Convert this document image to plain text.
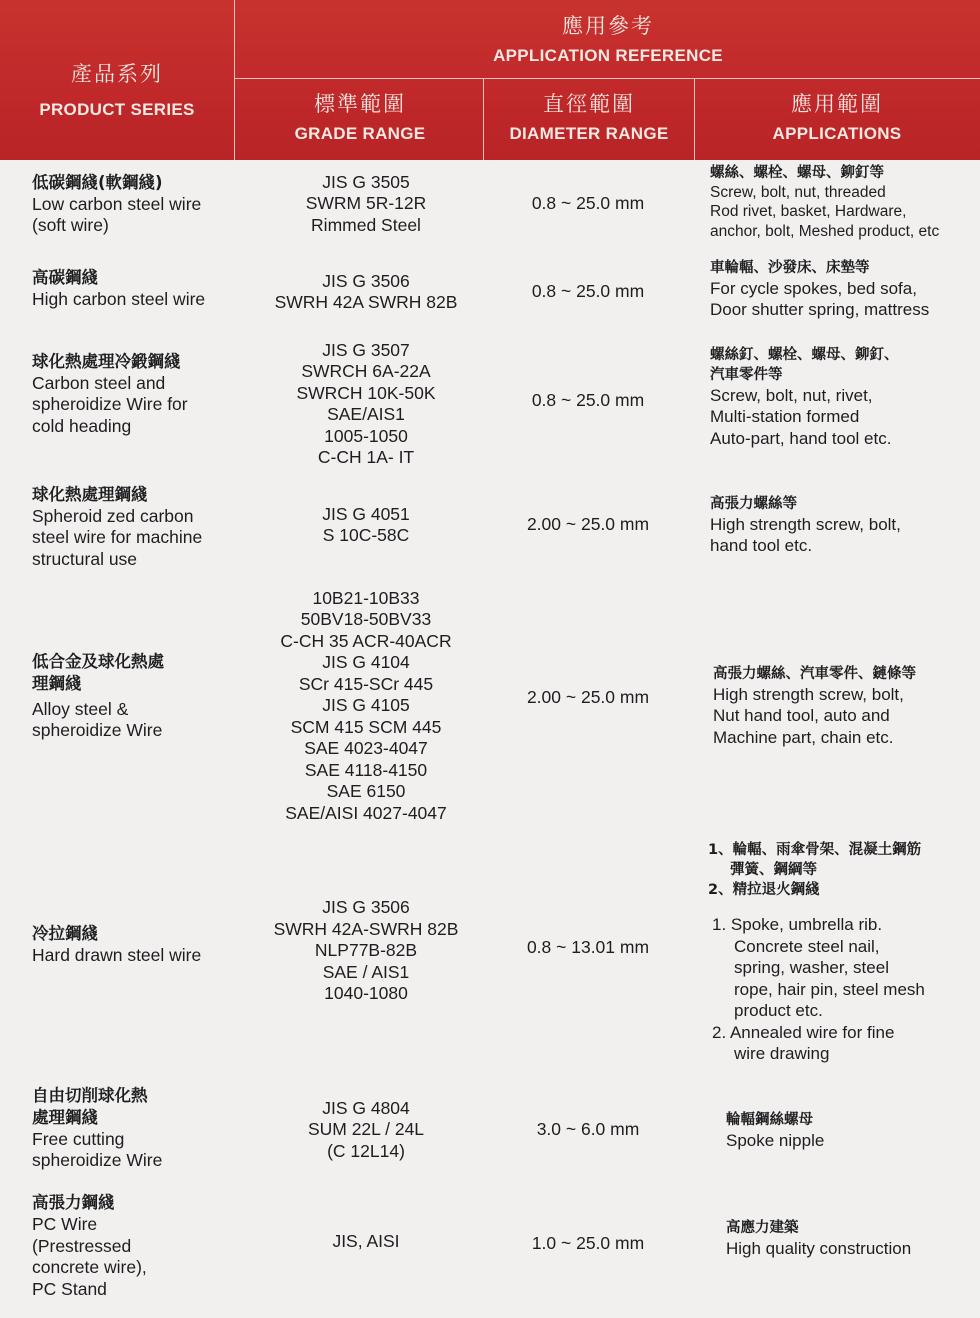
產品系列
PRODUCT SERIES
應用參考
APPLICATION REFERENCE
標準範圍
GRADE RANGE
直徑範圍
DIAMETER RANGE
應用範圍
APPLICATIONS
低碳鋼綫(軟鋼綫)
Low carbon steel wire
(soft wire)
JIS G 3505
SWRM 5R-12R
Rimmed Steel
0.8 ~ 25.0 mm
螺絲、螺栓、螺母、鉚釘等
Screw, bolt, nut, threaded
Rod rivet, basket, Hardware,
anchor, bolt, Meshed product, etc
高碳鋼綫
High carbon steel wire
JIS G 3506
SWRH 42A SWRH 82B
0.8 ~ 25.0 mm
車輪輻、沙發床、床墊等
For cycle spokes, bed sofa,
Door shutter spring, mattress
球化熱處理冷鍛鋼綫
Carbon steel and
spheroidize Wire for
cold heading
JIS G 3507
SWRCH 6A-22A
SWRCH 10K-50K
SAE/AIS1
1005-1050
C-CH 1A- IT
0.8 ~ 25.0 mm
螺絲釘、螺栓、螺母、鉚釘、
汽車零件等
Screw, bolt, nut, rivet,
Multi-station formed
Auto-part, hand tool etc.
球化熱處理鋼綫
Spheroid zed carbon
steel wire for machine
structural use
JIS G 4051
S 10C-58C
2.00 ~ 25.0 mm
高張力螺絲等
High strength screw, bolt,
hand tool etc.
低合金及球化熱處
理鋼綫
Alloy steel &
spheroidize Wire
10B21-10B33
50BV18-50BV33
C-CH 35 ACR-40ACR
JIS G 4104
SCr 415-SCr 445
JIS G 4105
SCM 415 SCM 445
SAE 4023-4047
SAE 4118-4150
SAE 6150
SAE/AISI 4027-4047
2.00 ~ 25.0 mm
高張力螺絲、汽車零件、鏈條等
High strength screw, bolt,
Nut hand tool, auto and
Machine part, chain etc.
冷拉鋼綫
Hard drawn steel wire
JIS G 3506
SWRH 42A-SWRH 82B
NLP77B-82B
SAE / AIS1
1040-1080
0.8 ~ 13.01 mm
1、輪輻、雨傘骨架、混凝土鋼筋
彈簧、鋼綱等
2、精拉退火鋼綫
1. Spoke, umbrella rib.
Concrete steel nail,
spring, washer, steel
rope, hair pin, steel mesh
product etc.
2. Annealed wire for fine
wire drawing
自由切削球化熱
處理鋼綫
Free cutting
spheroidize Wire
JIS G 4804
SUM 22L / 24L
(C 12L14)
3.0 ~ 6.0 mm	輪輻鋼絲螺母
Spoke nipple
高張力鋼綫
PC Wire
(Prestressed
concrete wire),
PC Stand
JIS, AISI	1.0 ~ 25.0 mm
高應力建築
High quality construction
